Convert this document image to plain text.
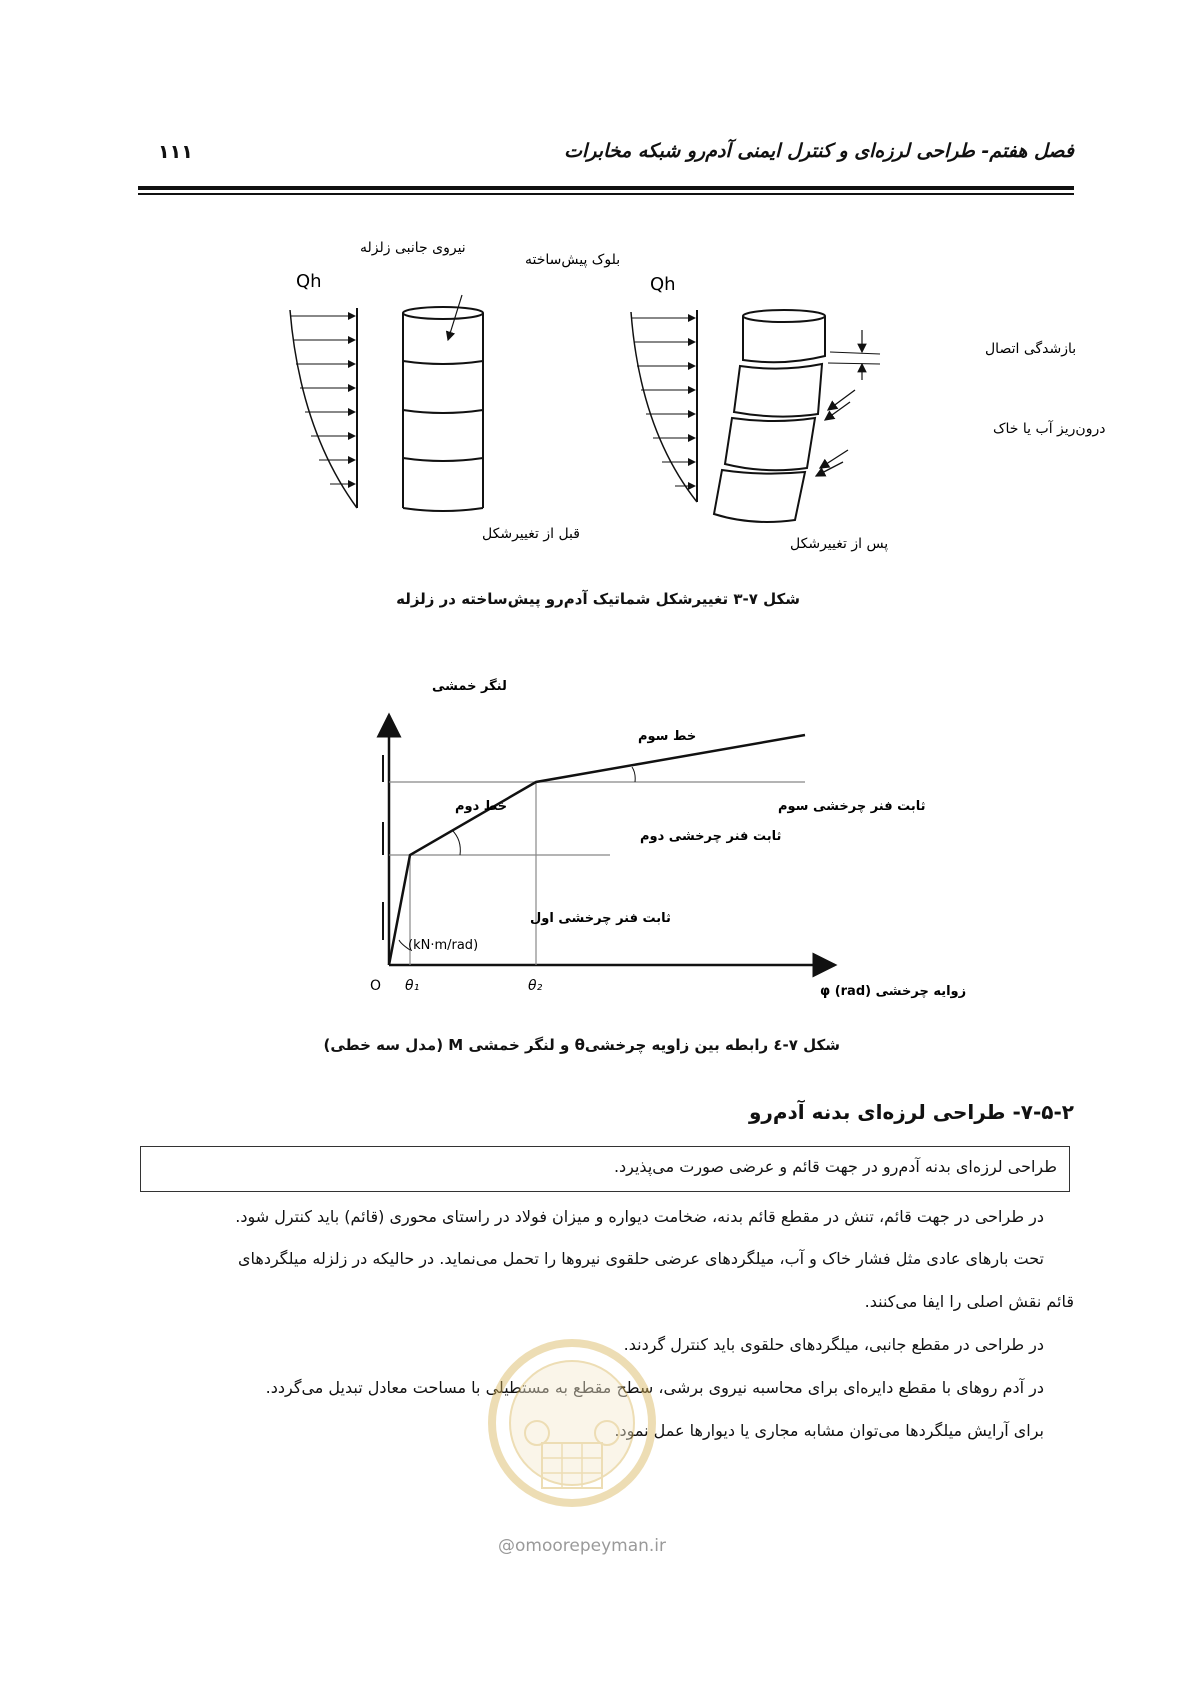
فصل هفتم- طراحی لرزه‌ای و کنترل ایمنی آدم‌رو شبکه مخابرات
۱۱۱
نیروی جانبی زلزله
Qh	Qh
بلوک پیش‌ساخته
قبل از تغییرشکل
پس از تغییرشکل
بازشدگی اتصال
درون‌ریز آب یا خاک
شکل ۷-۳ تغییرشکل شماتیک آدم‌رو پیش‌ساخته در زلزله
لنگر خمشی
خط سوم
خط دوم	ثابت فنر چرخشی سوم
ثابت فنر چرخشی دوم
ثابت فنر چرخشی اول
(kN·m/rad)
O θ₁	θ₂	زوایه چرخشی φ (rad)
شکل ۷-٤ رابطه بین زاویه چرخشیθ و لنگر خمشی M (مدل سه خطی)
۷-۵-۲- طراحی لرزه‌ای بدنه آدم‌رو
طراحی لرزه‌ای بدنه آدم‌رو در جهت قائم و عرضی صورت می‌پذیرد.
در طراحی در جهت قائم، تنش در مقطع قائم بدنه، ضخامت دیواره و میزان فولاد در راستای محوری (قائم) باید کنترل شود.
تحت بارهای عادی مثل فشار خاک و آب، میلگردهای عرضی حلقوی نیروها را تحمل می‌نماید. در حالیکه در زلزله میلگردهای
قائم نقش اصلی را ایفا می‌کنند.
در طراحی در مقطع جانبی، میلگردهای حلقوی باید کنترل گردند.
در آدم روهای با مقطع دایره‌ای برای محاسبه نیروی برشی، سطح مقطع به مستطیلی با مساحت معادل تبدیل می‌گردد.
برای آرایش میلگردها می‌توان مشابه مجاری یا دیوارها عمل نمود.
@omoorepeyman.ir
